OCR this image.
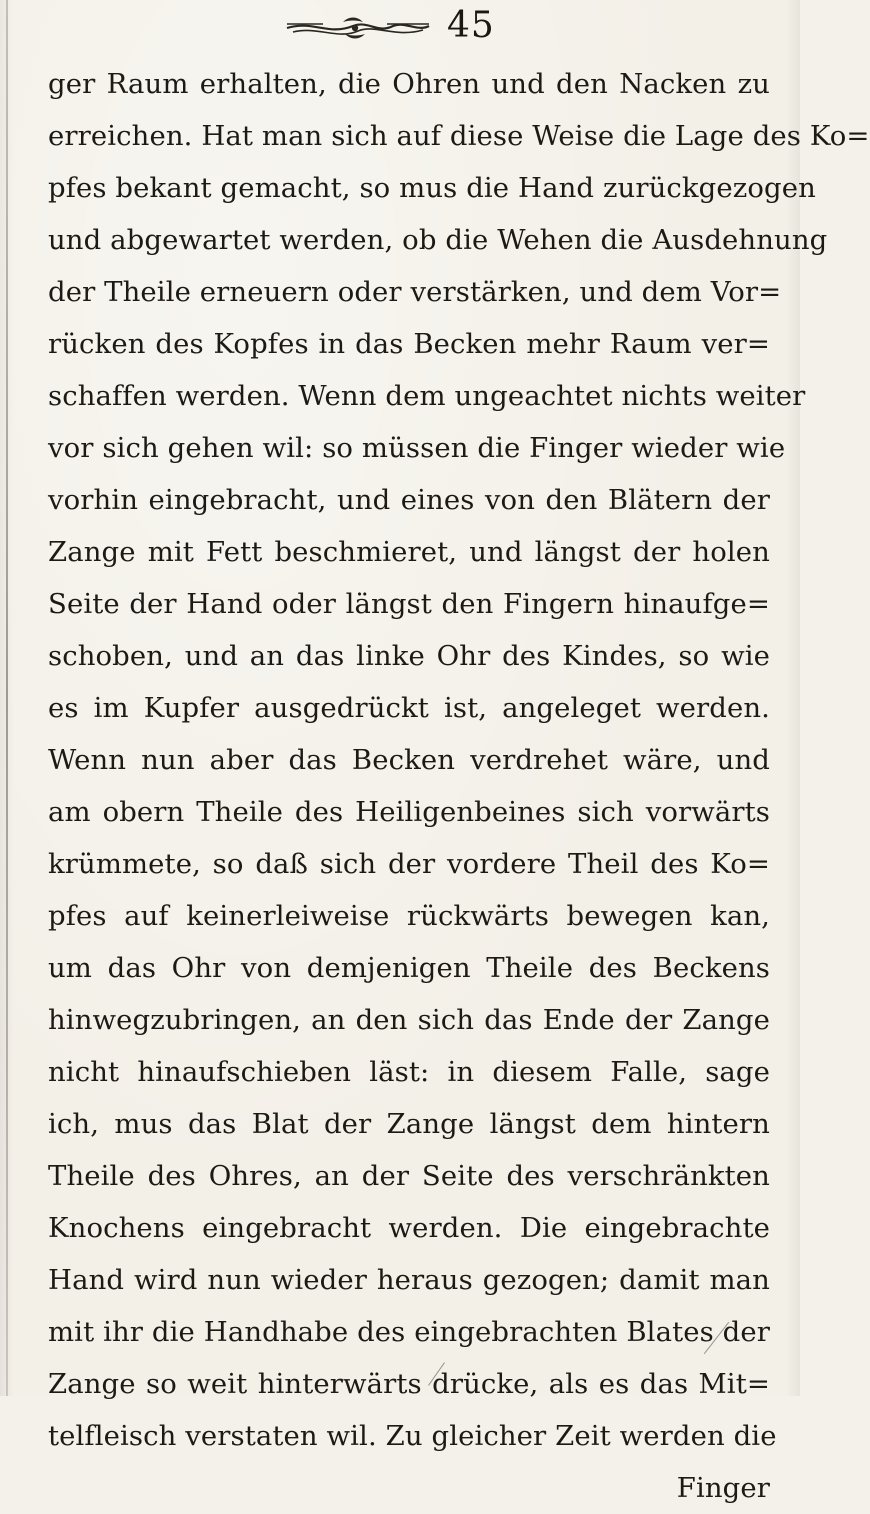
45
ger Raum erhalten, die Ohren und den Nacken zu
erreichen. Hat man sich auf diese Weise die Lage des Ko=
pfes bekant gemacht, so mus die Hand zurückgezogen
und abgewartet werden, ob die Wehen die Ausdehnung
der Theile erneuern oder verstärken, und dem Vor=
rücken des Kopfes in das Becken mehr Raum ver=
schaffen werden. Wenn dem ungeachtet nichts weiter
vor sich gehen wil: so müssen die Finger wieder wie
vorhin eingebracht, und eines von den Blätern der
Zange mit Fett beschmieret, und längst der holen
Seite der Hand oder längst den Fingern hinaufge=
schoben, und an das linke Ohr des Kindes, so wie
es im Kupfer ausgedrückt ist, angeleget werden.
Wenn nun aber das Becken verdrehet wäre, und
am obern Theile des Heiligenbeines sich vorwärts
krümmete, so daß sich der vordere Theil des Ko=
pfes auf keinerleiweise rückwärts bewegen kan,
um das Ohr von demjenigen Theile des Beckens
hinwegzubringen, an den sich das Ende der Zange
nicht hinaufschieben läst: in diesem Falle, sage
ich, mus das Blat der Zange längst dem hintern
Theile des Ohres, an der Seite des verschränkten
Knochens eingebracht werden. Die eingebrachte
Hand wird nun wieder heraus gezogen; damit man
mit ihr die Handhabe des eingebrachten Blates der
Zange so weit hinterwärts drücke, als es das Mit=
telfleisch verstaten wil. Zu gleicher Zeit werden die
Finger
